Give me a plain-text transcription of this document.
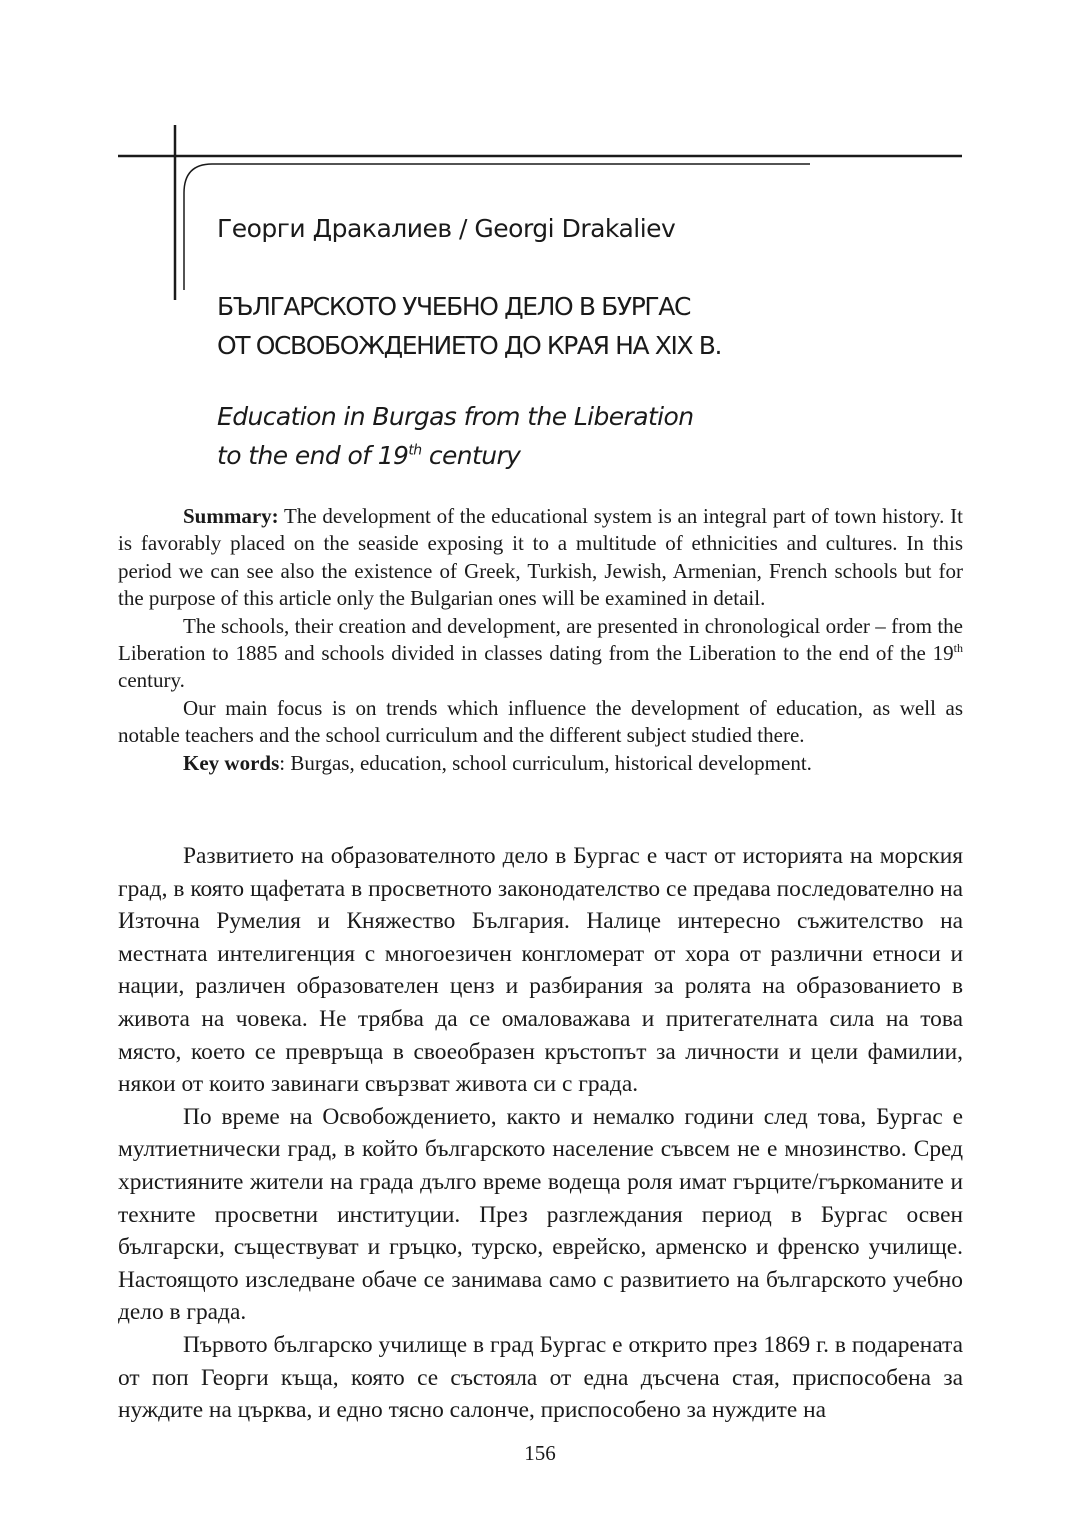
Георги Дракалиев / Georgi Drakaliev
БЪЛГАРСКОТО УЧЕБНО ДЕЛО В БУРГАС
ОТ ОСВОБОЖДЕНИЕТО ДО КРАЯ НА ХІХ В.
Education in Burgas from the Liberation
to the end of 19th century

Summary: The development of the educational system is an integral part of town history. It is favorably placed on the seaside exposing it to a multitude of ethnicities and cultures. In this period we can see also the existence of Greek, Turkish, Jewish, Armenian, French schools but for the purpose of this article only the Bulgarian ones will be examined in detail.

The schools, their creation and development, are presented in chronological order – from the Liberation to 1885 and schools divided in classes dating from the Liberation to the end of the 19th century.

Our main focus is on trends which influence the development of education, as well as notable teachers and the school curriculum and the different subject studied there.

Key words: Burgas, education, school curriculum, historical development.

Развитието на образователното дело в Бургас е част от историята на морския град, в която щафетата в просветното законодателство се предава последователно на Източна Румелия и Княжество България. Налице интересно съжителство на местната интелигенция с многоезичен конгломерат от хора от различни етноси и нации, различен образователен ценз и разбирания за ролята на образованието в живота на човека. Не трябва да се омаловажава и притегателната сила на това място, което се превръща в своеобразен кръстопът за личности и цели фамилии, някои от които завинаги свързват живота си с града.

По време на Освобождението, както и немалко години след това, Бургас е мултиетнически град, в който българското население съвсем не е мнозинство. Сред християните жители на града дълго време водеща роля имат гърците/гъркоманите и техните просветни институции. През разглеждания период в Бургас освен български, съществуват и гръцко, турско, еврейско, арменско и френско училище. Настоящото изследване обаче се занимава само с развитието на българското учебно дело в града.

Първото българско училище в град Бургас е открито през 1869 г. в подарената от поп Георги къща, която се състояла от една дъсчена стая, приспособена за нуждите на църква, и едно тясно салонче, приспособено за нуждите на

156
